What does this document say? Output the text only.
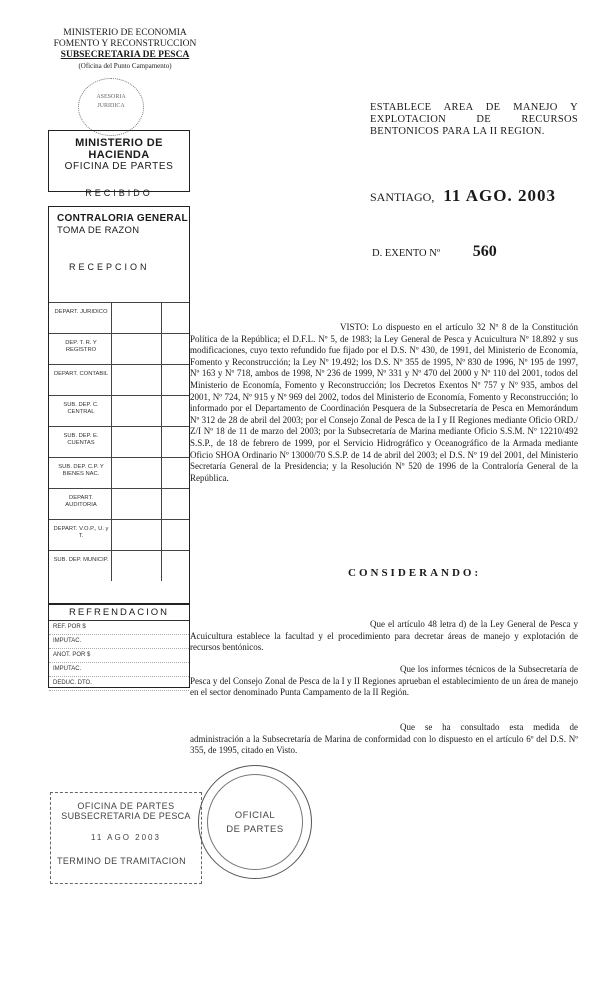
MINISTERIO DE ECONOMIA
FOMENTO Y RECONSTRUCCION
SUBSECRETARIA DE PESCA
(Oficina del Punto Campamento)
ASESORIA
JURIDICA	ESTABLECE AREA DE MANEJO Y EXPLOTACION DE RECURSOS BENTONICOS PARA LA II REGION.
MINISTERIO DE HACIENDA
OFICINA DE PARTES
RECIBIDO	SANTIAGO, 11 AGO. 2003
D. EXENTO Nº 560
CONTRALORIA GENERAL
TOMA DE RAZON
RECEPCION
DEPART. JURIDICO
DEP. T. R. Y REGISTRO
DEPART. CONTABIL
SUB. DEP. C. CENTRAL
SUB. DEP. E. CUENTAS
SUB. DEP. C.P. Y BIENES NAC.
DEPART. AUDITORIA
DEPART. V.O.P., U. y T.
SUB. DEP. MUNICIP.
REFRENDACION
REF. POR $
IMPUTAC.
ANOT. POR $
IMPUTAC.
DEDUC. DTO.
VISTO: Lo dispuesto en el artículo 32 Nº 8 de la Constitución Política de la República; el D.F.L. Nº 5, de 1983; la Ley General de Pesca y Acuicultura Nº 18.892 y sus modificaciones, cuyo texto refundido fue fijado por el D.S. Nº 430, de 1991, del Ministerio de Economía, Fomento y Reconstrucción; la Ley Nº 19.492; los D.S. Nº 355 de 1995, Nº 830 de 1996, Nº 195 de 1997, Nº 163 y Nº 718, ambos de 1998, Nº 236 de 1999, Nº 331 y Nº 470 del 2000 y Nº 110 del 2001, todos del Ministerio de Economía, Fomento y Reconstrucción; los Decretos Exentos Nº 757 y Nº 935, ambos del 2001, Nº 724, Nº 915 y Nº 969 del 2002, todos del Ministerio de Economía, Fomento y Reconstrucción; lo informado por el Departamento de Coordinación Pesquera de la Subsecretaría de Pesca en Memorándum Nº 312 de 28 de abril del 2003; por el Consejo Zonal de Pesca de la I y II Regiones mediante Oficio ORD./ Z/I Nº 18 de 11 de marzo del 2003; por la Subsecretaría de Marina mediante Oficio S.S.M. Nº 12210/492 S.S.P., de 18 de febrero de 1999, por el Servicio Hidrográfico y Oceanográfico de la Armada mediante Oficio SHOA Ordinario Nº 13000/70 S.S.P. de 14 de abril del 2003; el D.S. Nº 19 del 2001, del Ministerio Secretaría General de la Presidencia; y la Resolución Nº 520 de 1996 de la Contraloría General de la República.
CONSIDERANDO:
Que el artículo 48 letra d) de la Ley General de Pesca y Acuicultura establece la facultad y el procedimiento para decretar áreas de manejo y explotación de recursos bentónicos.
Que los informes técnicos de la Subsecretaría de Pesca y del Consejo Zonal de Pesca de la I y II Regiones aprueban el establecimiento de un área de manejo en el sector denominado Punta Campamento de la II Región.
Que se ha consultado esta medida de administración a la Subsecretaría de Marina de conformidad con lo dispuesto en el artículo 6º del D.S. Nº 355, de 1995, citado en Visto.
OFICINA DE PARTES
SUBSECRETARIA DE PESCA
11 AGO 2003
TERMINO DE TRAMITACION
OFICIAL
DE PARTES
